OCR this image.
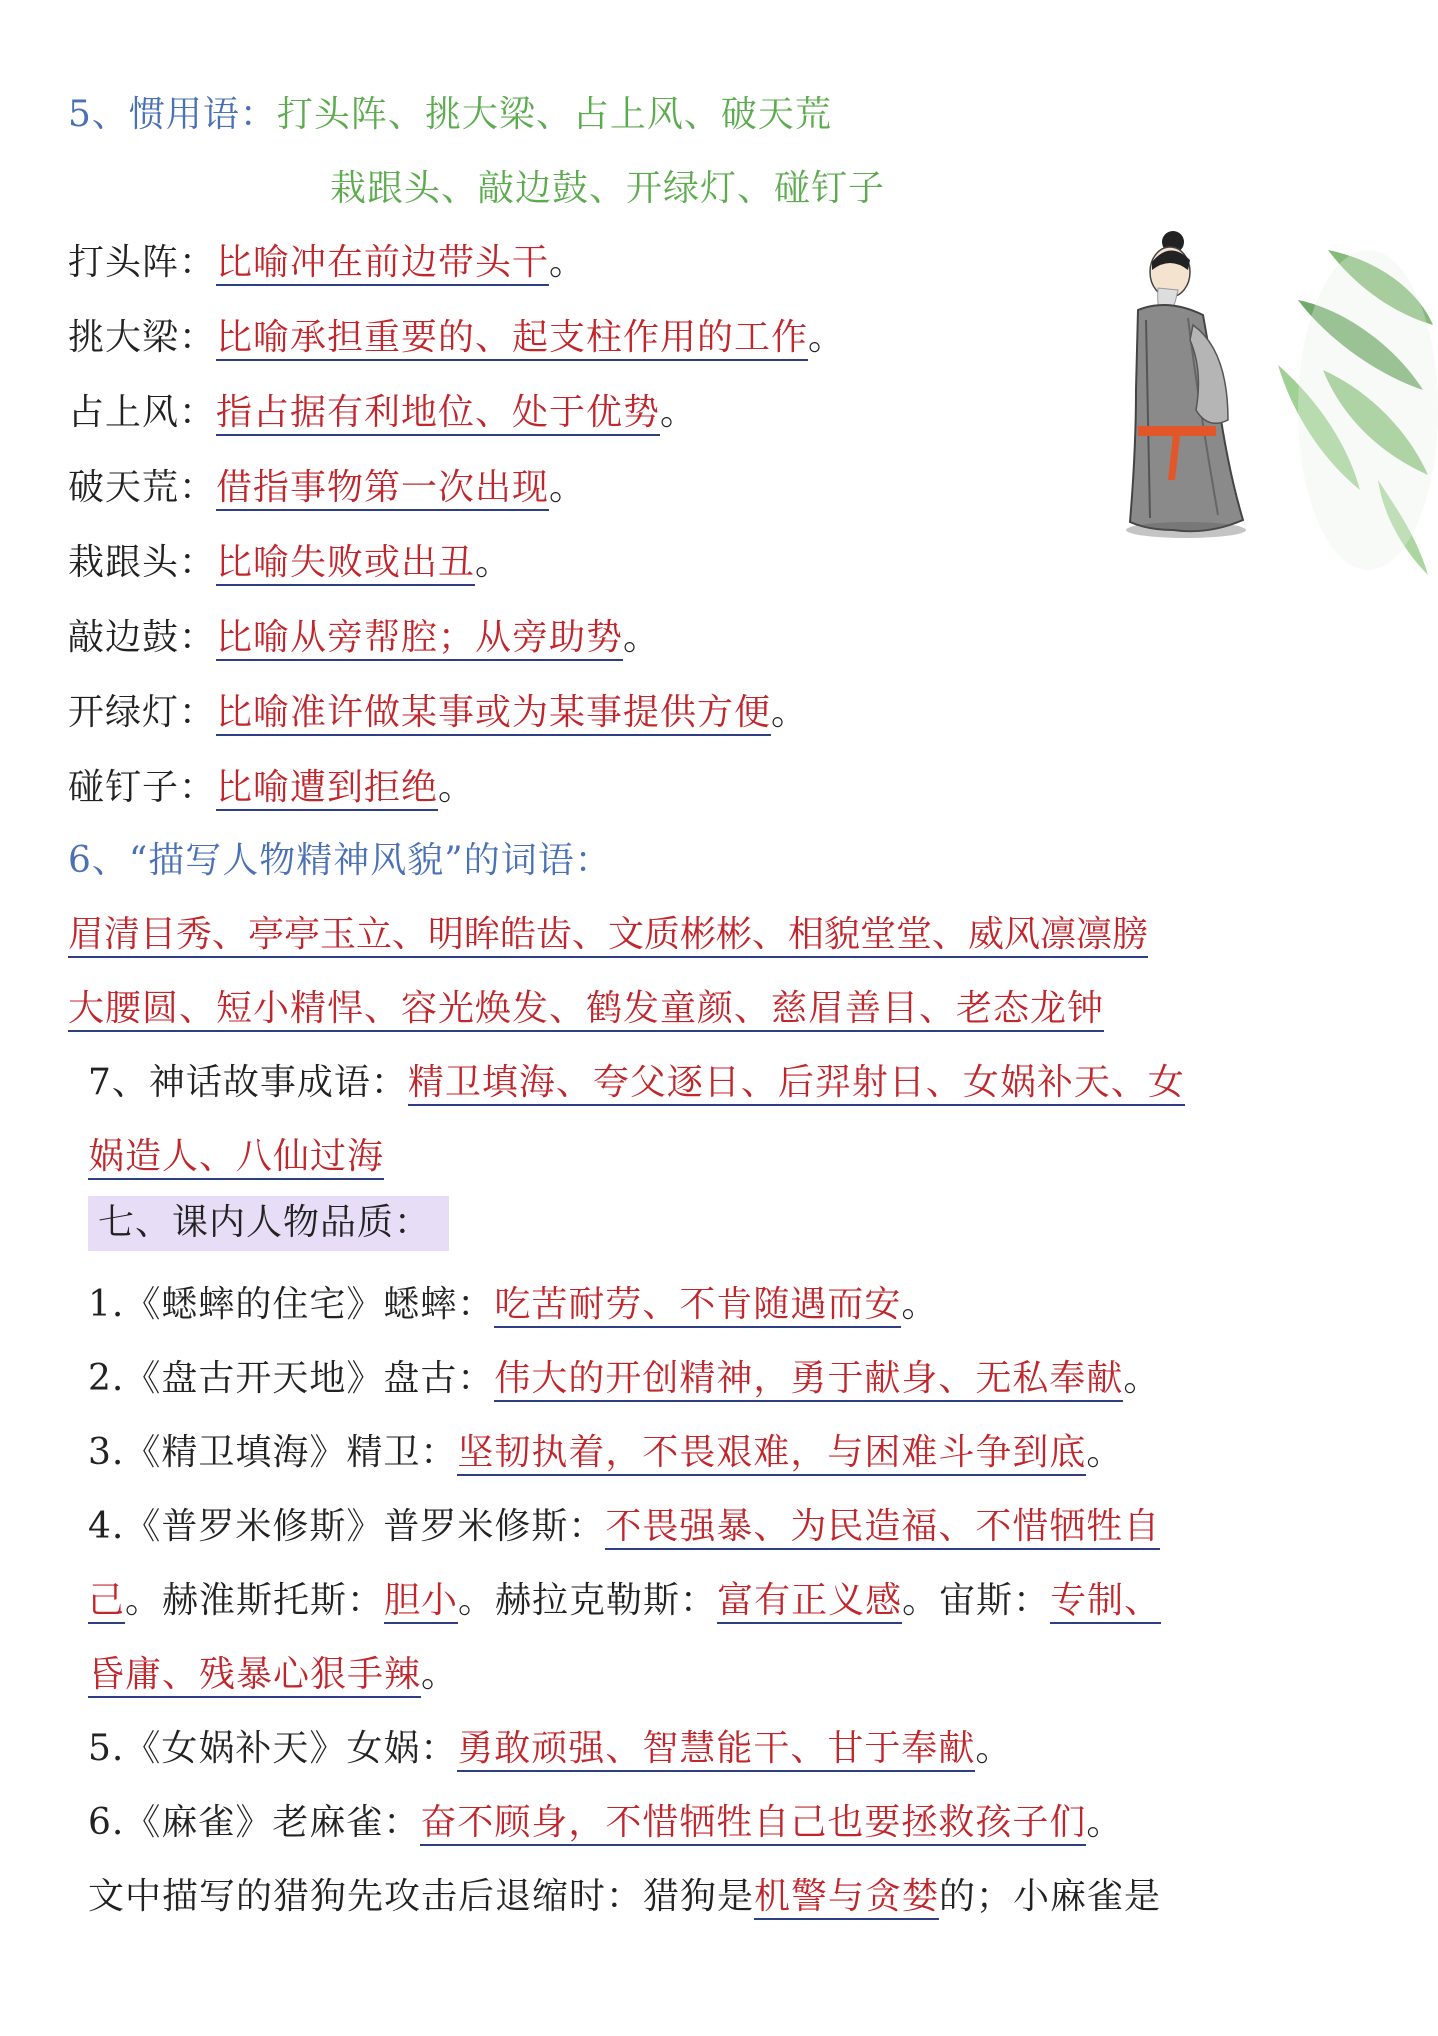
5、惯用语：打头阵、挑大梁、占上风、破天荒
栽跟头、敲边鼓、开绿灯、碰钉子
打头阵：比喻冲在前边带头干。
挑大梁：比喻承担重要的、起支柱作用的工作。
占上风：指占据有利地位、处于优势。
破天荒：借指事物第一次出现。
栽跟头：比喻失败或出丑。
敲边鼓：比喻从旁帮腔；从旁助势。
开绿灯：比喻准许做某事或为某事提供方便。
碰钉子：比喻遭到拒绝。
6、“描写人物精神风貌”的词语：
眉清目秀、亭亭玉立、明眸皓齿、文质彬彬、相貌堂堂、威风凛凛膀
大腰圆、短小精悍、容光焕发、鹤发童颜、慈眉善目、老态龙钟
7、神话故事成语：精卫填海、夸父逐日、后羿射日、女娲补天、女
娲造人、八仙过海
七、课内人物品质：
1.《蟋蟀的住宅》蟋蟀：吃苦耐劳、不肯随遇而安。
2.《盘古开天地》盘古：伟大的开创精神，勇于献身、无私奉献。
3.《精卫填海》精卫：坚韧执着，不畏艰难，与困难斗争到底。
4.《普罗米修斯》普罗米修斯：不畏强暴、为民造福、不惜牺牲自
己。赫淮斯托斯：胆小。赫拉克勒斯：富有正义感。宙斯：专制、
昏庸、残暴心狠手辣。
5.《女娲补天》女娲：勇敢顽强、智慧能干、甘于奉献。
6.《麻雀》老麻雀：奋不顾身，不惜牺牲自己也要拯救孩子们。
文中描写的猎狗先攻击后退缩时：猎狗是机警与贪婪的；小麻雀是
